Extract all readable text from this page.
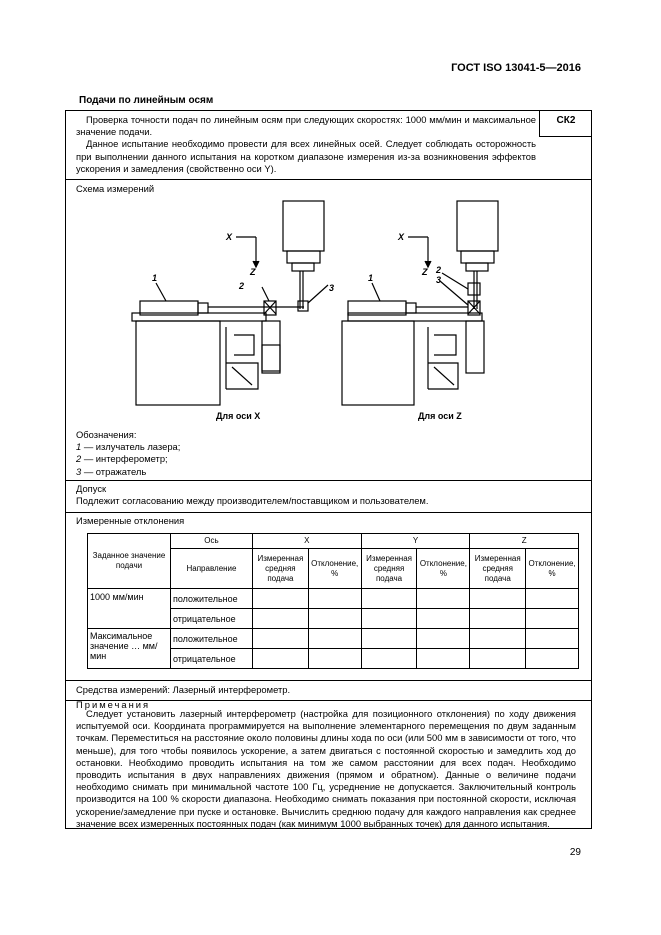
ГОСТ ISO 13041-5—2016
Подачи по линейным осям

Проверка точности подач по линейным осям при следующих скоростях: 1000 мм/мин и максимальное значение подачи.

Данное испытание необходимо провести для всех линейных осей. Следует соблюдать осторожность при выполнении данного испытания на коротком диапазоне измерения из-за возникновения эффектов ускорения и замедления (свойственно оси Y).

СК2
Схема измерений
X
Z
X
Z
1
2	3
1
2
3
Для оси X	Для оси Z
Обозначения:
1 — излучатель лазера;
2 — интерферометр;
3 — отражатель
Допуск
Подлежит согласованию между производителем/поставщиком и пользователем.
Измеренные отклонения
Заданное значение подачи	Ось	X		Y		Z	
	Направление	Измеренная средняя подача	Отклонение, %	Измеренная средняя подача	Отклонение, %	Измеренная средняя подача	Отклонение, %
1000 мм/мин	положительное						
	отрицательное						
Максимальное значение … мм/мин	положительное						
	отрицательное						
Средства измерений: Лазерный интерферометр.
Примечания

Следует установить лазерный интерферометр (настройка для позиционного отклонения) по ходу движения испытуемой оси. Координата программируется на выполнение элементарного перемещения по двум заданным точкам. Переместиться на расстояние около половины длины хода по оси (или 500 мм в зависимости от того, что меньше), для того чтобы появилось ускорение, а затем двигаться с постоянной скоростью и замедлить ход до остановки. Необходимо проводить испытания на том же самом расстоянии для всех подач. Необходимо проводить испытания в двух направлениях движения (прямом и обратном). Данные о величине подачи необходимо снимать при минимальной частоте 100 Гц, усреднение не допускается. Заключительный контроль производится на 100 % скорости диапазона. Необходимо снимать показания при постоянной скорости, исключая ускорение/замедление при пуске и остановке. Вычислить среднюю подачу для каждого направления как среднее значение всех измеренных постоянных подач (как минимум 1000 выбранных точек) для данного испытания.

29
